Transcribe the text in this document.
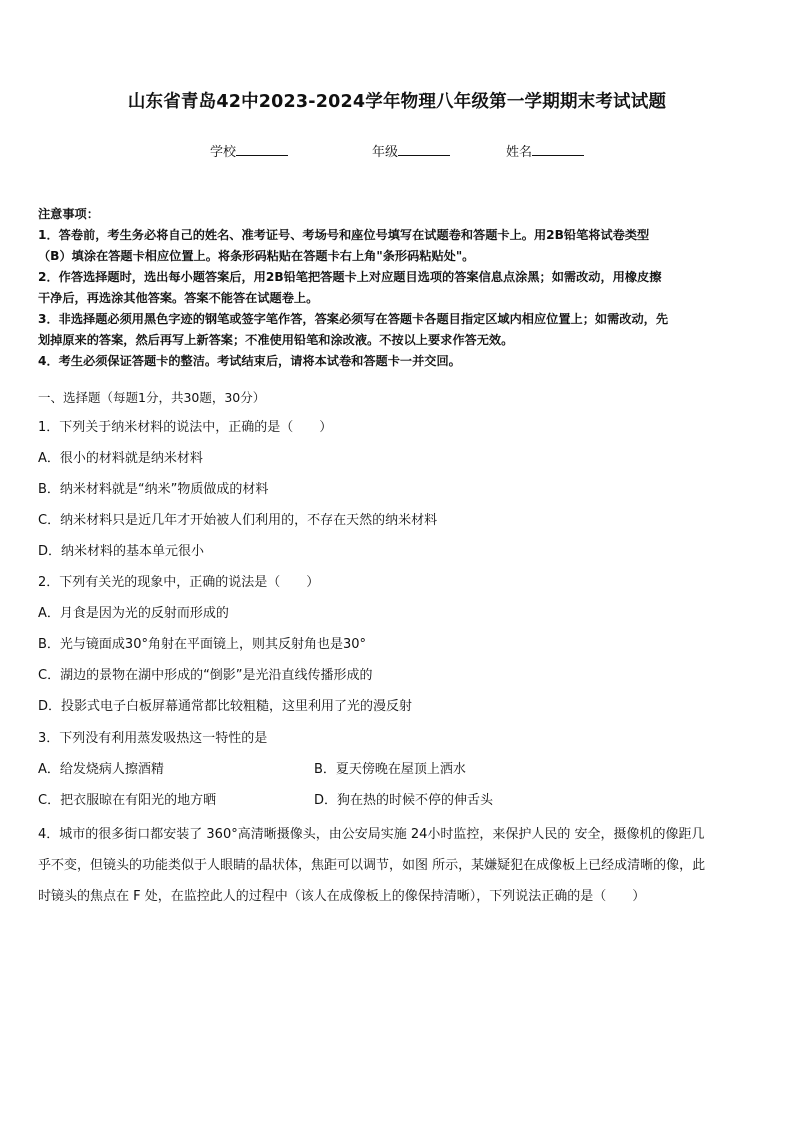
山东省青岛42中2023-2024学年物理八年级第一学期期末考试试题
学校	年级	姓名
注意事项：
1．答卷前，考生务必将自己的姓名、准考证号、考场号和座位号填写在试题卷和答题卡上。用2B铅笔将试卷类型
（B）填涂在答题卡相应位置上。将条形码粘贴在答题卡右上角"条形码粘贴处"。
2．作答选择题时，选出每小题答案后，用2B铅笔把答题卡上对应题目选项的答案信息点涂黑；如需改动，用橡皮擦
干净后，再选涂其他答案。答案不能答在试题卷上。
3．非选择题必须用黑色字迹的钢笔或签字笔作答，答案必须写在答题卡各题目指定区域内相应位置上；如需改动，先
划掉原来的答案，然后再写上新答案；不准使用铅笔和涂改液。不按以上要求作答无效。
4．考生必须保证答题卡的整洁。考试结束后，请将本试卷和答题卡一并交回。
一、选择题（每题1分，共30题，30分）
1．下列关于纳米材料的说法中，正确的是（　　）
A．很小的材料就是纳米材料
B．纳米材料就是“纳米”物质做成的材料
C．纳米材料只是近几年才开始被人们利用的，不存在天然的纳米材料
D．纳米材料的基本单元很小
2．下列有关光的现象中，正确的说法是（　　）
A．月食是因为光的反射而形成的
B．光与镜面成30°角射在平面镜上，则其反射角也是30°
C．湖边的景物在湖中形成的“倒影”是光沿直线传播形成的
D．投影式电子白板屏幕通常都比较粗糙，这里利用了光的漫反射
3．下列没有利用蒸发吸热这一特性的是
A．给发烧病人擦酒精	B．夏天傍晚在屋顶上洒水
C．把衣服晾在有阳光的地方晒	D．狗在热的时候不停的伸舌头
4．城市的很多街口都安装了 360°高清晰摄像头，由公安局实施 24小时监控，来保护人民的 安全，摄像机的像距几
乎不变，但镜头的功能类似于人眼睛的晶状体，焦距可以调节，如图 所示，某嫌疑犯在成像板上已经成清晰的像，此
时镜头的焦点在 F 处，在监控此人的过程中（该人在成像板上的像保持清晰），下列说法正确的是（　　）
